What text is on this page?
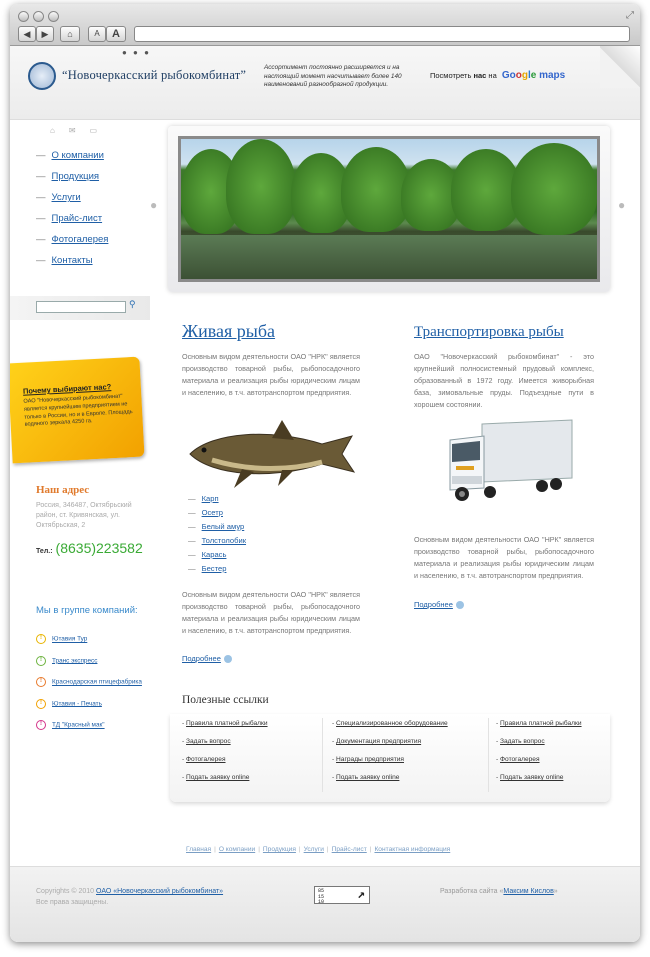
⤢
◀	▶	⌂	A	A
● ● ●
“Новочеркасский рыбокомбинат”
Ассортимент постоянно расширяется и на настоящий момент насчитывает более 140 наименований разнообразной продукции.
Посмотреть нас на Google maps
⌂✉▭
— О компании
— Продукция
— Услуги
— Прайс-лист
— Фотогалерея
— Контакты
⚲
Почему выбирают нас?
ОАО "Новочеркасский рыбокомбинат" является крупнейшим предприятием не только в России, но и в Европе. Площадь водяного зеркала 4250 га.
Наш адрес
Россия, 346487, Октябрьский район, ст. Кривянская, ул. Октябрьская, 2
Тел.: (8635)223582
Мы в группе компаний:
! Ютавия Тур
! Транс экспресс
! Краснодарская птицефабрика
! Ютавия - Печать
! ТД "Красный мак"
●	●
Живая рыба

Основным видом деятельности ОАО "НРК" является производство товарной рыбы, рыбопосадочного материала и реализация рыбы юридическим лицам и населению, в т.ч. автотранспортом предприятия.

— Карп
— Осетр
— Белый амур
— Толстолобик
— Карась
— Бестер

Основным видом деятельности ОАО "НРК" является производство товарной рыбы, рыбопосадочного материала и реализация рыбы юридическим лицам и населению, в т.ч. автотранспортом предприятия.

Подробнее
Транспортировка рыбы

ОАО "Новочеркасский рыбокомбинат" - это крупнейший полносистемный прудовый комплекс, образованный в 1972 году. Имеется живорыбная база, зимовальные пруды. Подъездные пути в хорошем состоянии.

Основным видом деятельности ОАО "НРК" является производство товарной рыбы, рыбопосадочного материала и реализация рыбы юридическим лицам и населению, в т.ч. автотранспортом предприятия.

Подробнее
Полезные ссылки
- Правила платной рыбалки
- Задать вопрос
- Фотогалерея
- Подать заявку online
- Специализированное оборудование
- Документация предприятия
- Награды предприятия
- Подать заявку online
- Правила платной рыбалки
- Задать вопрос
- Фотогалерея
- Подать заявку online
Главная | О компании | Продукция | Услуги | Прайс-лист | Контактная информация
Copyrights © 2010 ОАО «Новочеркасский рыбокомбинат»
Все права защищены.
85
15
10	↗	Разработка сайта «Максим Кислов»
